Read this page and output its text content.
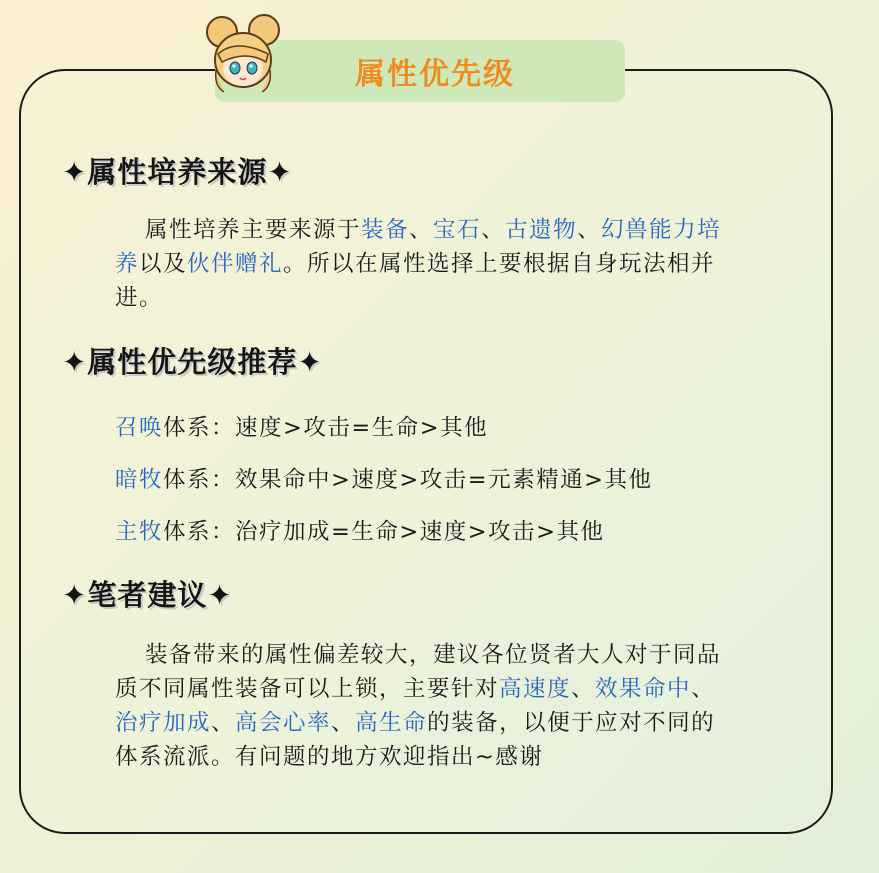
属性优先级
✦属性培养来源✦
属性培养主要来源于装备、宝石、古遗物、幻兽能力培养以及伙伴赠礼。所以在属性选择上要根据自身玩法相并进。
✦属性优先级推荐✦
召唤体系：速度>攻击=生命>其他
暗牧体系：效果命中>速度>攻击=元素精通>其他
主牧体系：治疗加成=生命>速度>攻击>其他
✦笔者建议✦
装备带来的属性偏差较大，建议各位贤者大人对于同品质不同属性装备可以上锁，主要针对高速度、效果命中、治疗加成、高会心率、高生命的装备，以便于应对不同的体系流派。有问题的地方欢迎指出~感谢
